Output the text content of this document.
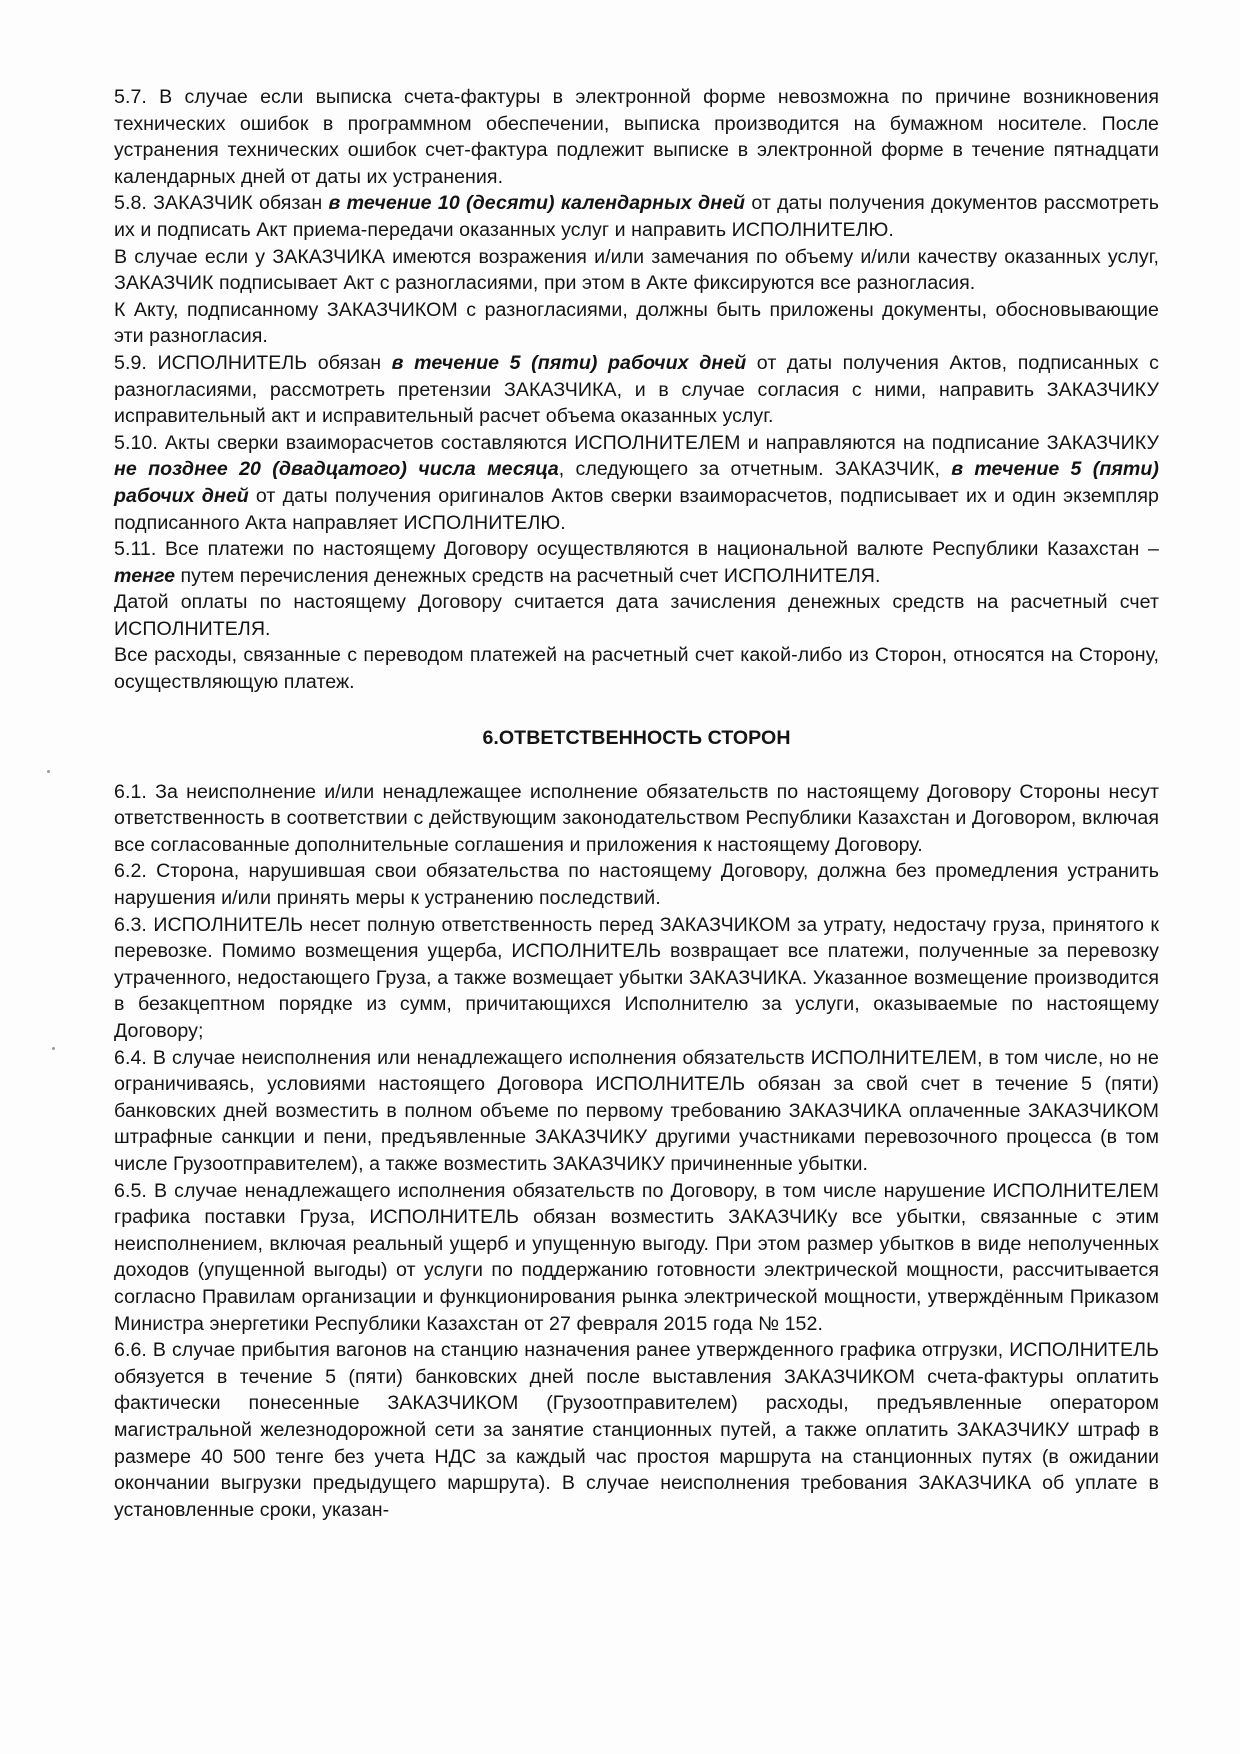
5.7. В случае если выписка счета-фактуры в электронной форме невозможна по причине возникновения технических ошибок в программном обеспечении, выписка производится на бумажном носителе. После устранения технических ошибок счет-фактура подлежит выписке в электронной форме в течение пятнадцати календарных дней от даты их устранения.

5.8. ЗАКАЗЧИК обязан в течение 10 (десяти) календарных дней от даты получения документов рассмотреть их и подписать Акт приема-передачи оказанных услуг и направить ИСПОЛНИТЕЛЮ.

В случае если у ЗАКАЗЧИКА имеются возражения и/или замечания по объему и/или качеству оказанных услуг, ЗАКАЗЧИК подписывает Акт с разногласиями, при этом в Акте фиксируются все разногласия.

К Акту, подписанному ЗАКАЗЧИКОМ с разногласиями, должны быть приложены документы, обосновывающие эти разногласия.

5.9. ИСПОЛНИТЕЛЬ обязан в течение 5 (пяти) рабочих дней от даты получения Актов, подписанных с разногласиями, рассмотреть претензии ЗАКАЗЧИКА, и в случае согласия с ними, направить ЗАКАЗЧИКУ исправительный акт и исправительный расчет объема оказанных услуг.

5.10. Акты сверки взаиморасчетов составляются ИСПОЛНИТЕЛЕМ и направляются на подписание ЗАКАЗЧИКУ не позднее 20 (двадцатого) числа месяца, следующего за отчетным. ЗАКАЗЧИК, в течение 5 (пяти) рабочих дней от даты получения оригиналов Актов сверки взаиморасчетов, подписывает их и один экземпляр подписанного Акта направляет ИСПОЛНИТЕЛЮ.

5.11. Все платежи по настоящему Договору осуществляются в национальной валюте Республики Казахстан – тенге путем перечисления денежных средств на расчетный счет ИСПОЛНИТЕЛЯ.

Датой оплаты по настоящему Договору считается дата зачисления денежных средств на расчетный счет ИСПОЛНИТЕЛЯ.

Все расходы, связанные с переводом платежей на расчетный счет какой-либо из Сторон, относятся на Сторону, осуществляющую платеж.

6.ОТВЕТСТВЕННОСТЬ СТОРОН

6.1. За неисполнение и/или ненадлежащее исполнение обязательств по настоящему Договору Стороны несут ответственность в соответствии с действующим законодательством Республики Казахстан и Договором, включая все согласованные дополнительные соглашения и приложения к настоящему Договору.

6.2. Сторона, нарушившая свои обязательства по настоящему Договору, должна без промедления устранить нарушения и/или принять меры к устранению последствий.

6.3. ИСПОЛНИТЕЛЬ несет полную ответственность перед ЗАКАЗЧИКОМ за утрату, недостачу груза, принятого к перевозке. Помимо возмещения ущерба, ИСПОЛНИТЕЛЬ возвращает все платежи, полученные за перевозку утраченного, недостающего Груза, а также возмещает убытки ЗАКАЗЧИКА. Указанное возмещение производится в безакцептном порядке из сумм, причитающихся Исполнителю за услуги, оказываемые по настоящему Договору;

6.4. В случае неисполнения или ненадлежащего исполнения обязательств ИСПОЛНИТЕЛЕМ, в том числе, но не ограничиваясь, условиями настоящего Договора ИСПОЛНИТЕЛЬ обязан за свой счет в течение 5 (пяти) банковских дней возместить в полном объеме по первому требованию ЗАКАЗЧИКА оплаченные ЗАКАЗЧИКОМ штрафные санкции и пени, предъявленные ЗАКАЗЧИКУ другими участниками перевозочного процесса (в том числе Грузоотправителем), а также возместить ЗАКАЗЧИКУ причиненные убытки.

6.5. В случае ненадлежащего исполнения обязательств по Договору, в том числе нарушение ИСПОЛНИТЕЛЕМ графика поставки Груза, ИСПОЛНИТЕЛЬ обязан возместить ЗАКАЗЧИКу все убытки, связанные с этим неисполнением, включая реальный ущерб и упущенную выгоду. При этом размер убытков в виде неполученных доходов (упущенной выгоды) от услуги по поддержанию готовности электрической мощности, рассчитывается согласно Правилам организации и функционирования рынка электрической мощности, утверждённым Приказом Министра энергетики Республики Казахстан от 27 февраля 2015 года № 152.

6.6. В случае прибытия вагонов на станцию назначения ранее утвержденного графика отгрузки, ИСПОЛНИТЕЛЬ обязуется в течение 5 (пяти) банковских дней после выставления ЗАКАЗЧИКОМ счета-фактуры оплатить фактически понесенные ЗАКАЗЧИКОМ (Грузоотправителем) расходы, предъявленные оператором магистральной железнодорожной сети за занятие станционных путей, а также оплатить ЗАКАЗЧИКУ штраф в размере 40 500 тенге без учета НДС за каждый час простоя маршрута на станционных путях (в ожидании окончании выгрузки предыдущего маршрута). В случае неисполнения требования ЗАКАЗЧИКА об уплате в установленные сроки, указан-
